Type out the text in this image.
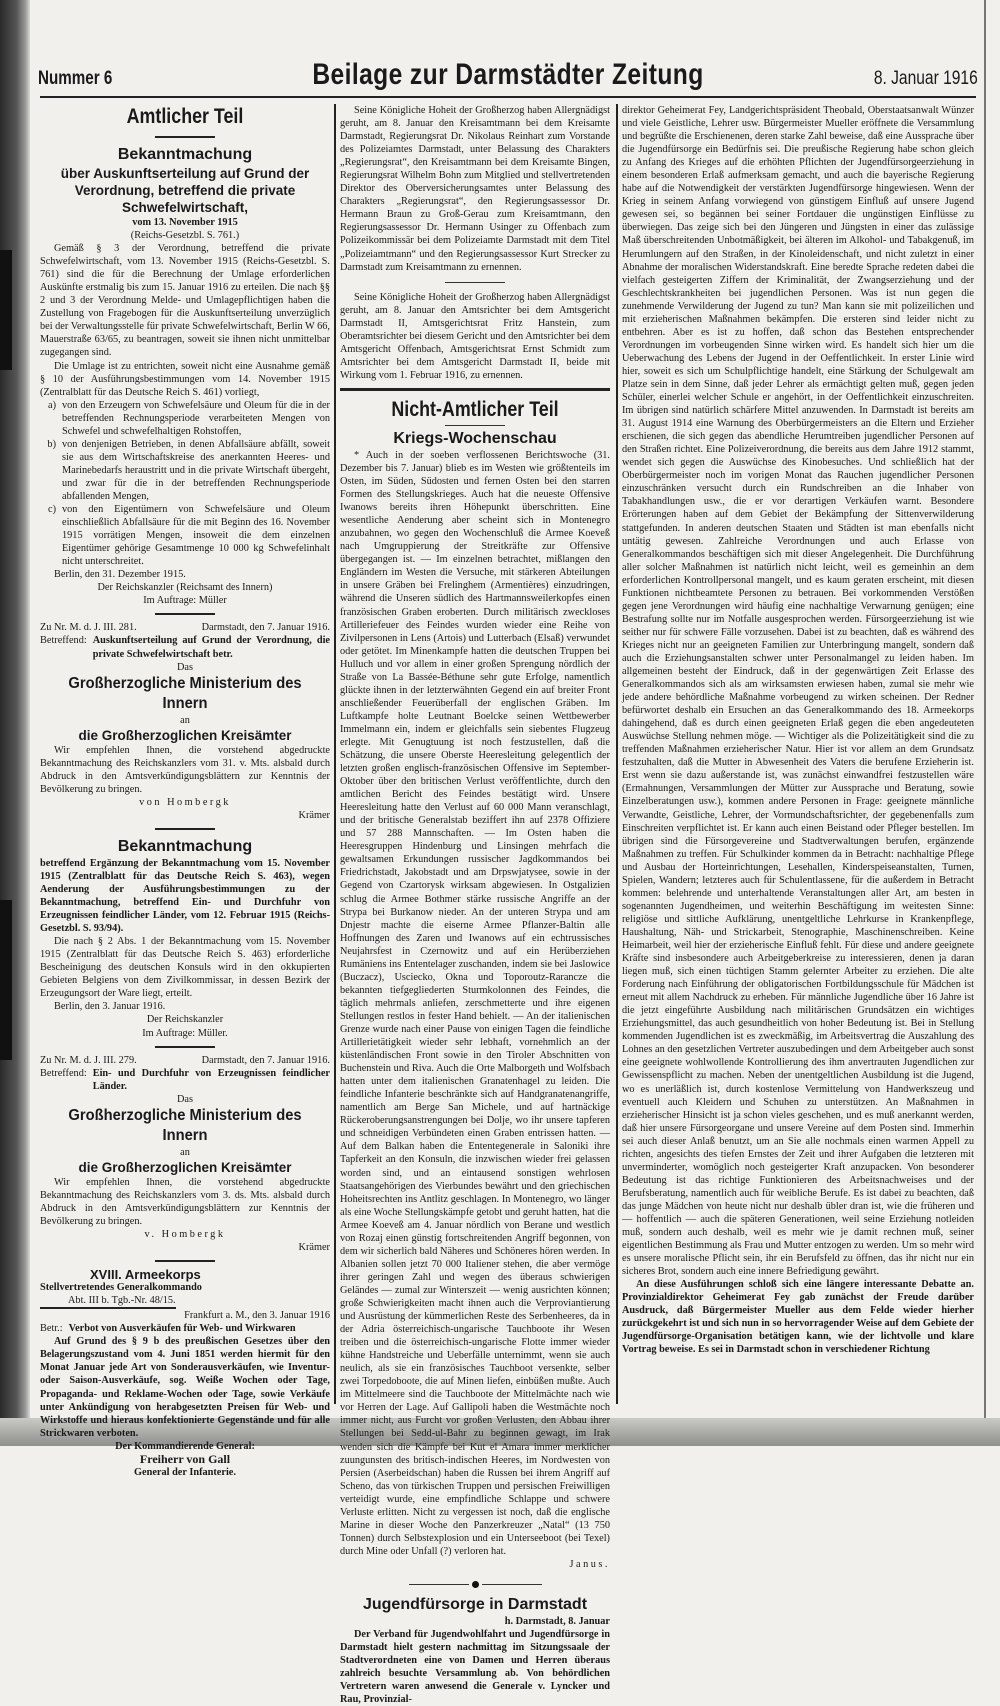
Nummer 6	Beilage zur Darmstädter Zeitung	8. Januar 1916
Amtlicher Teil
Bekanntmachung
über Auskunftserteilung auf Grund der Verordnung, betreffend die private Schwefelwirtschaft,

vom 13. November 1915

(Reichs-Gesetzbl. S. 761.)

Gemäß § 3 der Verordnung, betreffend die private Schwefelwirtschaft, vom 13. November 1915 (Reichs-Gesetzbl. S. 761) sind die für die Berechnung der Umlage erforderlichen Auskünfte erstmalig bis zum 15. Januar 1916 zu erteilen. Die nach §§ 2 und 3 der Verordnung Melde- und Umlagepflichtigen haben die Zustellung von Fragebogen für die Auskunftserteilung unverzüglich bei der Verwaltungsstelle für private Schwefelwirtschaft, Berlin W 66, Mauerstraße 63/65, zu beantragen, soweit sie ihnen nicht unmittelbar zugegangen sind.

Die Umlage ist zu entrichten, soweit nicht eine Ausnahme gemäß § 10 der Ausführungsbestimmungen vom 14. November 1915 (Zentralblatt für das Deutsche Reich S. 461) vorliegt,

a) von den Erzeugern von Schwefelsäure und Oleum für die in der betreffenden Rechnungsperiode verarbeiteten Mengen von Schwefel und schwefelhaltigen Rohstoffen,
b) von denjenigen Betrieben, in denen Abfallsäure abfällt, soweit sie aus dem Wirtschaftskreise des anerkannten Heeres- und Marinebedarfs heraustritt und in die private Wirtschaft übergeht, und zwar für die in der betreffenden Rechnungsperiode abfallenden Mengen,
c) von den Eigentümern von Schwefelsäure und Oleum einschließlich Abfallsäure für die mit Beginn des 16. November 1915 vorrätigen Mengen, insoweit die dem einzelnen Eigentümer gehörige Gesamtmenge 10 000 kg Schwefelinhalt nicht unterschreitet.

Berlin, den 31. Dezember 1915.

Der Reichskanzler (Reichsamt des Innern)

Im Auftrage: Müller

Zu Nr. M. d. J. III. 281.	Darmstadt, den 7. Januar 1916.
Betreffend: Auskunftserteilung auf Grund der Verordnung, die private Schwefelwirtschaft betr.

Das

Großherzogliche Ministerium des Innern

an

die Großherzoglichen Kreisämter

Wir empfehlen Ihnen, die vorstehend abgedruckte Bekanntmachung des Reichskanzlers vom 31. v. Mts. alsbald durch Abdruck in den Amtsverkündigungsblättern zur Kenntnis der Bevölkerung zu bringen.

von Hombergk

Krämer

Bekanntmachung

betreffend Ergänzung der Bekanntmachung vom 15. November 1915 (Zentralblatt für das Deutsche Reich S. 463), wegen Aenderung der Ausführungsbestimmungen zu der Bekanntmachung, betreffend Ein- und Durchfuhr von Erzeugnissen feindlicher Länder, vom 12. Februar 1915 (Reichs-Gesetzbl. S. 93/94).

Die nach § 2 Abs. 1 der Bekanntmachung vom 15. November 1915 (Zentralblatt für das Deutsche Reich S. 463) erforderliche Bescheinigung des deutschen Konsuls wird in den okkupierten Gebieten Belgiens von dem Zivilkommissar, in dessen Bezirk der Erzeugungsort der Ware liegt, erteilt.

Berlin, den 3. Januar 1916.

Der Reichskanzler

Im Auftrage: Müller.

Zu Nr. M. d. J. III. 279.	Darmstadt, den 7. Januar 1916.
Betreffend: Ein- und Durchfuhr von Erzeugnissen feindlicher Länder.

Das

Großherzogliche Ministerium des Innern

an

die Großherzoglichen Kreisämter

Wir empfehlen Ihnen, die vorstehend abgedruckte Bekanntmachung des Reichskanzlers vom 3. ds. Mts. alsbald durch Abdruck in den Amtsverkündigungsblättern zur Kenntnis der Bevölkerung zu bringen.

v. Hombergk

Krämer

XVIII. Armeekorps

Stellvertretendes Generalkommando

Abt. III b. Tgb.-Nr. 48/15.

Frankfurt a. M., den 3. Januar 1916

Betr.: Verbot von Ausverkäufen für Web- und Wirkwaren

Auf Grund des § 9 b des preußischen Gesetzes über den Belagerungszustand vom 4. Juni 1851 werden hiermit für den Monat Januar jede Art von Sonderausverkäufen, wie Inventur- oder Saison-Ausverkäufe, sog. Weiße Wochen oder Tage, Propaganda- und Reklame-Wochen oder Tage, sowie Verkäufe unter Ankündigung von herabgesetzten Preisen für Web- und Wirkstoffe und hieraus konfektionierte Gegenstände und für alle Strickwaren verboten.

Der Kommandierende General:

Freiherr von Gall

General der Infanterie.

Seine Königliche Hoheit der Großherzog haben Allergnädigst geruht, am 8. Januar den Kreisamtmann bei dem Kreisamte Darmstadt, Regierungsrat Dr. Nikolaus Reinhart zum Vorstande des Polizeiamtes Darmstadt, unter Belassung des Charakters „Regierungsrat“, den Kreisamtmann bei dem Kreisamte Bingen, Regierungsrat Wilhelm Bohn zum Mitglied und stellvertretenden Direktor des Oberversicherungsamtes unter Belassung des Charakters „Regierungsrat“, den Regierungsassessor Dr. Hermann Braun zu Groß-Gerau zum Kreisamtmann, den Regierungsassessor Dr. Hermann Usinger zu Offenbach zum Polizeikommissär bei dem Polizeiamte Darmstadt mit dem Titel „Polizeiamtmann“ und den Regierungsassessor Kurt Strecker zu Darmstadt zum Kreisamtmann zu ernennen.

Seine Königliche Hoheit der Großherzog haben Allergnädigst geruht, am 8. Januar den Amtsrichter bei dem Amtsgericht Darmstadt II, Amtsgerichtsrat Fritz Hanstein, zum Oberamtsrichter bei diesem Gericht und den Amtsrichter bei dem Amtsgericht Offenbach, Amtsgerichtsrat Ernst Schmidt zum Amtsrichter bei dem Amtsgericht Darmstadt II, beide mit Wirkung vom 1. Februar 1916, zu ernennen.

Nicht-Amtlicher Teil
Kriegs-Wochenschau

* Auch in der soeben verflossenen Berichtswoche (31. Dezember bis 7. Januar) blieb es im Westen wie größtenteils im Osten, im Süden, Südosten und fernen Osten bei den starren Formen des Stellungskrieges. Auch hat die neueste Offensive Iwanows bereits ihren Höhepunkt überschritten. Eine wesentliche Aenderung aber scheint sich in Montenegro anzubahnen, wo gegen den Wochenschluß die Armee Koeveß nach Umgruppierung der Streitkräfte zur Offensive übergegangen ist. — Im einzelnen betrachtet, mißlangen den Engländern im Westen die Versuche, mit stärkeren Abteilungen in unsere Gräben bei Frelinghem (Armentières) einzudringen, während die Unseren südlich des Hartmannsweilerkopfes einen französischen Graben eroberten. Durch militärisch zweckloses Artilleriefeuer des Feindes wurden wieder eine Reihe von Zivilpersonen in Lens (Artois) und Lutterbach (Elsaß) verwundet oder getötet. Im Minenkampfe hatten die deutschen Truppen bei Hulluch und vor allem in einer großen Sprengung nördlich der Straße von La Bassée-Béthune sehr gute Erfolge, namentlich glückte ihnen in der letzterwähnten Gegend ein auf breiter Front anschließender Feuerüberfall der englischen Gräben. Im Luftkampfe holte Leutnant Boelcke seinen Wettbewerber Immelmann ein, indem er gleichfalls sein siebentes Flugzeug erlegte. Mit Genugtuung ist noch festzustellen, daß die Schätzung, die unsere Oberste Heeresleitung gelegentlich der letzten großen englisch-französischen Offensive im September-Oktober über den britischen Verlust veröffentlichte, durch den amtlichen Bericht des Feindes bestätigt wird. Unsere Heeresleitung hatte den Verlust auf 60 000 Mann veranschlagt, und der britische Generalstab beziffert ihn auf 2378 Offiziere und 57 288 Mannschaften. — Im Osten haben die Heeresgruppen Hindenburg und Linsingen mehrfach die gewaltsamen Erkundungen russischer Jagdkommandos bei Friedrichstadt, Jakobstadt und am Drpswjatysee, sowie in der Gegend von Czartorysk wirksam abgewiesen. In Ostgalizien schlug die Armee Bothmer stärke russische Angriffe an der Strypa bei Burkanow nieder. An der unteren Strypa und am Dnjestr machte die eiserne Armee Pflanzer-Baltin alle Hoffnungen des Zaren und Iwanows auf ein echtrussisches Neujahrsfest in Czernowitz und auf ein Herüberziehen Rumäniens ins Ententelager zuschanden, indem sie bei Jaslowice (Buczacz), Usciecko, Okna und Toporoutz-Rarancze die bekannten tiefgegliederten Sturmkolonnen des Feindes, die täglich mehrmals anliefen, zerschmetterte und ihre eigenen Stellungen restlos in fester Hand behielt. — An der italienischen Grenze wurde nach einer Pause von einigen Tagen die feindliche Artillerietätigkeit wieder sehr lebhaft, vornehmlich an der küstenländischen Front sowie in den Tiroler Abschnitten von Buchenstein und Riva. Auch die Orte Malborgeth und Wolfsbach hatten unter dem italienischen Granatenhagel zu leiden. Die feindliche Infanterie beschränkte sich auf Handgranatenangriffe, namentlich am Berge San Michele, und auf hartnäckige Rückeroberungsanstrengungen bei Dolje, wo ihr unsere tapferen und schneidigen Verbündeten einen Graben entrissen hatten. — Auf dem Balkan haben die Ententegenerale in Saloniki ihre Tapferkeit an den Konsuln, die inzwischen wieder frei gelassen worden sind, und an eintausend sonstigen wehrlosen Staatsangehörigen des Vierbundes bewährt und den griechischen Hoheitsrechten ins Antlitz geschlagen. In Montenegro, wo länger als eine Woche Stellungskämpfe getobt und geruht hatten, hat die Armee Koeveß am 4. Januar nördlich von Berane und westlich von Rozaj einen günstig fortschreitenden Angriff begonnen, von dem wir sicherlich bald Näheres und Schöneres hören werden. In Albanien sollen jetzt 70 000 Italiener stehen, die aber vermöge ihrer geringen Zahl und wegen des überaus schwierigen Geländes — zumal zur Winterszeit — wenig ausrichten können; große Schwierigkeiten macht ihnen auch die Verproviantierung und Ausrüstung der kümmerlichen Reste des Serbenheeres, da in der Adria österreichisch-ungarische Tauchboote ihr Wesen treiben und die österreichisch-ungarische Flotte immer wieder kühne Handstreiche und Ueberfälle unternimmt, wenn sie auch neulich, als sie ein französisches Tauchboot versenkte, selber zwei Torpedoboote, die auf Minen liefen, einbüßen mußte. Auch im Mittelmeere sind die Tauchboote der Mittelmächte nach wie vor Herren der Lage. Auf Gallipoli haben die Westmächte noch immer nicht, aus Furcht vor großen Verlusten, den Abbau ihrer Stellungen bei Sedd-ul-Bahr zu beginnen gewagt, im Irak wenden sich die Kämpfe bei Kut el Amara immer merklicher zuungunsten des britisch-indischen Heeres, im Nordwesten von Persien (Aserbeidschan) haben die Russen bei ihrem Angriff auf Scheno, das von türkischen Truppen und persischen Freiwilligen verteidigt wurde, eine empfindliche Schlappe und schwere Verluste erlitten. Nicht zu vergessen ist noch, daß die englische Marine in dieser Woche den Panzerkreuzer „Natal“ (13 750 Tonnen) durch Selbstexplosion und ein Unterseeboot (bei Texel) durch Mine oder Unfall (?) verloren hat.

Janus.

Jugendfürsorge in Darmstadt

h. Darmstadt, 8. Januar

Der Verband für Jugendwohlfahrt und Jugendfürsorge in Darmstadt hielt gestern nachmittag im Sitzungssaale der Stadtverordneten eine von Damen und Herren überaus zahlreich besuchte Versammlung ab. Von behördlichen Vertretern waren anwesend die Generale v. Lyncker und Rau, Provinzial-

direktor Geheimerat Fey, Landgerichtspräsident Theobald, Oberstaatsanwalt Wünzer und viele Geistliche, Lehrer usw. Bürgermeister Mueller eröffnete die Versammlung und begrüßte die Erschienenen, deren starke Zahl beweise, daß eine Aussprache über die Jugendfürsorge ein Bedürfnis sei. Die preußische Regierung habe schon gleich zu Anfang des Krieges auf die erhöhten Pflichten der Jugendfürsorgeerziehung in einem besonderen Erlaß aufmerksam gemacht, und auch die bayerische Regierung habe auf die Notwendigkeit der verstärkten Jugendfürsorge hingewiesen. Wenn der Krieg in seinem Anfang vorwiegend von günstigem Einfluß auf unsere Jugend gewesen sei, so begännen bei seiner Fortdauer die ungünstigen Einflüsse zu überwiegen. Das zeige sich bei den Jüngeren und Jüngsten in einer das zulässige Maß überschreitenden Unbotmäßigkeit, bei älteren im Alkohol- und Tabakgenuß, im Herumlungern auf den Straßen, in der Kinoleidenschaft, und nicht zuletzt in einer Abnahme der moralischen Widerstandskraft. Eine beredte Sprache redeten dabei die vielfach gesteigerten Ziffern der Kriminalität, der Zwangserziehung und der Geschlechtskrankheiten bei jugendlichen Personen. Was ist nun gegen die zunehmende Verwilderung der Jugend zu tun? Man kann sie mit polizeilichen und mit erzieherischen Maßnahmen bekämpfen. Die ersteren sind leider nicht zu entbehren. Aber es ist zu hoffen, daß schon das Bestehen entsprechender Verordnungen im vorbeugenden Sinne wirken wird. Es handelt sich hier um die Ueberwachung des Lebens der Jugend in der Oeffentlichkeit. In erster Linie wird hier, soweit es sich um Schulpflichtige handelt, eine Stärkung der Schulgewalt am Platze sein in dem Sinne, daß jeder Lehrer als ermächtigt gelten muß, gegen jeden Schüler, einerlei welcher Schule er angehört, in der Oeffentlichkeit einzuschreiten. Im übrigen sind natürlich schärfere Mittel anzuwenden. In Darmstadt ist bereits am 31. August 1914 eine Warnung des Oberbürgermeisters an die Eltern und Erzieher erschienen, die sich gegen das abendliche Herumtreiben jugendlicher Personen auf den Straßen richtet. Eine Polizeiverordnung, die bereits aus dem Jahre 1912 stammt, wendet sich gegen die Auswüchse des Kinobesuches. Und schließlich hat der Oberbürgermeister noch im vorigen Monat das Rauchen jugendlicher Personen einzuschränken versucht durch ein Rundschreiben an die Inhaber von Tabakhandlungen usw., die er vor derartigen Verkäufen warnt. Besondere Erörterungen haben auf dem Gebiet der Bekämpfung der Sittenverwilderung stattgefunden. In anderen deutschen Staaten und Städten ist man ebenfalls nicht untätig gewesen. Zahlreiche Verordnungen und auch Erlasse von Generalkommandos beschäftigen sich mit dieser Angelegenheit. Die Durchführung aller solcher Maßnahmen ist natürlich nicht leicht, weil es gemeinhin an dem erforderlichen Kontrollpersonal mangelt, und es kaum geraten erscheint, mit diesen Funktionen nichtbeamtete Personen zu betrauen. Bei vorkommenden Verstößen gegen jene Verordnungen wird häufig eine nachhaltige Verwarnung genügen; eine Bestrafung sollte nur im Notfalle ausgesprochen werden. Fürsorgeerziehung ist wie seither nur für schwere Fälle vorzusehen. Dabei ist zu beachten, daß es während des Krieges nicht nur an geeigneten Familien zur Unterbringung mangelt, sondern daß auch die Erziehungsanstalten schwer unter Personalmangel zu leiden haben. Im allgemeinen besteht der Eindruck, daß in der gegenwärtigen Zeit Erlasse des Generalkommandos sich als am wirksamsten erwiesen haben, zumal sie mehr wie jede andere behördliche Maßnahme vorbeugend zu wirken scheinen. Der Redner befürwortet deshalb ein Ersuchen an das Generalkommando des 18. Armeekorps dahingehend, daß es durch einen geeigneten Erlaß gegen die eben angedeuteten Auswüchse Stellung nehmen möge. — Wichtiger als die Polizeitätigkeit sind die zu treffenden Maßnahmen erzieherischer Natur. Hier ist vor allem an dem Grundsatz festzuhalten, daß die Mutter in Abwesenheit des Vaters die berufene Erzieherin ist. Erst wenn sie dazu außerstande ist, was zunächst einwandfrei festzustellen wäre (Ermahnungen, Versammlungen der Mütter zur Aussprache und Beratung, sowie Einzelberatungen usw.), kommen andere Personen in Frage: geeignete männliche Verwandte, Geistliche, Lehrer, der Vormundschaftsrichter, der gegebenenfalls zum Einschreiten verpflichtet ist. Er kann auch einen Beistand oder Pfleger bestellen. Im übrigen sind die Fürsorgevereine und Stadtverwaltungen berufen, ergänzende Maßnahmen zu treffen. Für Schulkinder kommen da in Betracht: nachhaltige Pflege und Ausbau der Horteinrichtungen, Lesehallen, Kinderspeiseanstalten, Turnen, Spielen, Wandern; letzteres auch für Schulentlassene, für die außerdem in Betracht kommen: belehrende und unterhaltende Veranstaltungen aller Art, am besten in sogenannten Jugendheimen, und weiterhin Beschäftigung im weitesten Sinne: religiöse und sittliche Aufklärung, unentgeltliche Lehrkurse in Krankenpflege, Haushaltung, Näh- und Strickarbeit, Stenographie, Maschinenschreiben. Keine Heimarbeit, weil hier der erzieherische Einfluß fehlt. Für diese und andere geeignete Kräfte sind insbesondere auch Arbeitgeberkreise zu interessieren, denen ja daran liegen muß, sich einen tüchtigen Stamm gelernter Arbeiter zu erziehen. Die alte Forderung nach Einführung der obligatorischen Fortbildungsschule für Mädchen ist erneut mit allem Nachdruck zu erheben. Für männliche Jugendliche über 16 Jahre ist die jetzt eingeführte Ausbildung nach militärischen Grundsätzen ein wichtiges Erziehungsmittel, das auch gesundheitlich von hoher Bedeutung ist. Bei in Stellung kommenden Jugendlichen ist es zweckmäßig, im Arbeitsvertrag die Auszahlung des Lohnes an den gesetzlichen Vertreter auszubedingen und dem Arbeitgeber auch sonst eine geeignete wohlwollende Kontrollierung des ihm anvertrauten Jugendlichen zur Gewissenspflicht zu machen. Neben der unentgeltlichen Ausbildung ist die Jugend, wo es unerläßlich ist, durch kostenlose Vermittelung von Handwerkszeug und eventuell auch Kleidern und Schuhen zu unterstützen. An Maßnahmen in erzieherischer Hinsicht ist ja schon vieles geschehen, und es muß anerkannt werden, daß hier unsere Fürsorgeorgane und unsere Vereine auf dem Posten sind. Immerhin sei auch dieser Anlaß benutzt, um an Sie alle nochmals einen warmen Appell zu richten, angesichts des tiefen Ernstes der Zeit und ihrer Aufgaben die letzteren mit unverminderter, womöglich noch gesteigerter Kraft anzupacken. Von besonderer Bedeutung ist das richtige Funktionieren des Arbeitsnachweises und der Berufsberatung, namentlich auch für weibliche Berufe. Es ist dabei zu beachten, daß das junge Mädchen von heute nicht nur deshalb übler dran ist, wie die früheren und — hoffentlich — auch die späteren Generationen, weil seine Erziehung notleiden muß, sondern auch deshalb, weil es mehr wie je damit rechnen muß, seiner eigentlichen Bestimmung als Frau und Mutter entzogen zu werden. Um so mehr wird es unsere moralische Pflicht sein, ihr ein Berufsfeld zu öffnen, das ihr nicht nur ein sicheres Brot, sondern auch eine innere Befriedigung gewährt.

An diese Ausführungen schloß sich eine längere interessante Debatte an. Provinzialdirektor Geheimerat Fey gab zunächst der Freude darüber Ausdruck, daß Bürgermeister Mueller aus dem Felde wieder hierher zurückgekehrt ist und sich nun in so hervorragender Weise auf dem Gebiete der Jugendfürsorge-Organisation betätigen kann, wie der lichtvolle und klare Vortrag beweise. Es sei in Darmstadt schon in verschiedener Richtung
